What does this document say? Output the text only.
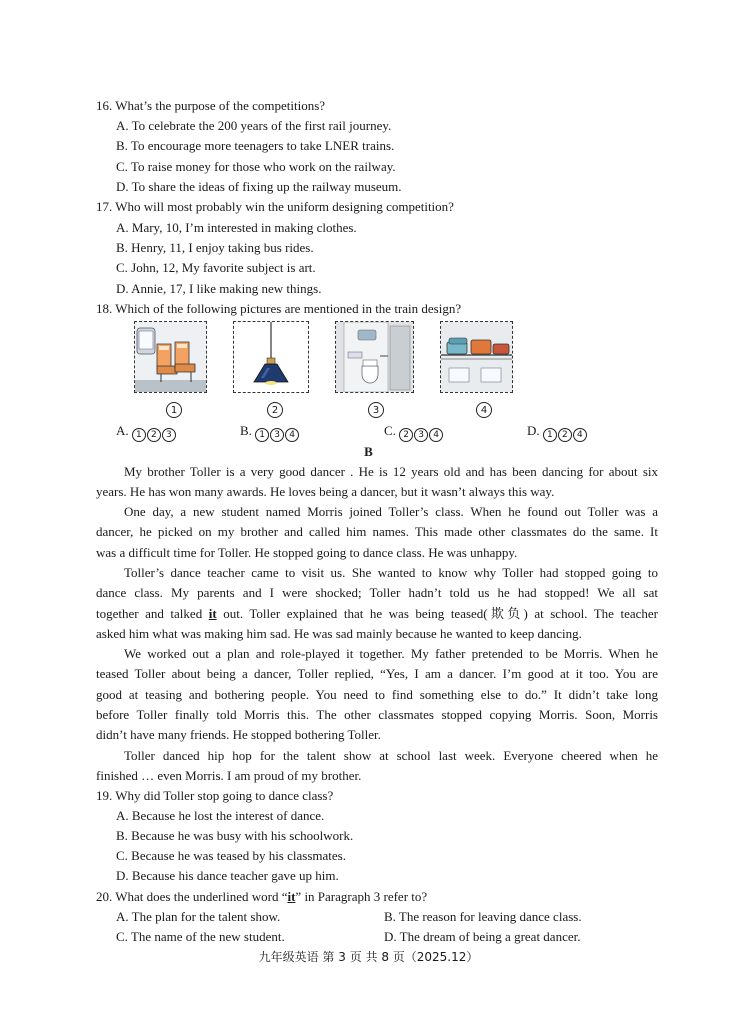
16. What’s the purpose of the competitions?
A. To celebrate the 200 years of the first rail journey.
B. To encourage more teenagers to take LNER trains.
C. To raise money for those who work on the railway.
D. To share the ideas of fixing up the railway museum.
17. Who will most probably win the uniform designing competition?
A. Mary, 10, I’m interested in making clothes.
B. Henry, 11, I enjoy taking bus rides.
C. John, 12, My favorite subject is art.
D. Annie, 17, I like making new things.
18. Which of the following pictures are mentioned in the train design?
1	2	3	4
A. 1 2 3	B. 1 3 4	C. 2 3 4	D. 1 2 4
B
My brother Toller is a very good dancer . He is 12 years old and has been dancing for about six
years. He has won many awards. He loves being a dancer, but it wasn’t always this way.
One day, a new student named Morris joined Toller’s class. When he found out Toller was a
dancer, he picked on my brother and called him names. This made other classmates do the same. It
was a difficult time for Toller. He stopped going to dance class. He was unhappy.
Toller’s dance teacher came to visit us. She wanted to know why Toller had stopped going to
dance class. My parents and I were shocked; Toller hadn’t told us he had stopped! We all sat
together and talked it out. Toller explained that he was being teased(欺负) at school. The teacher
asked him what was making him sad. He was sad mainly because he wanted to keep dancing.
We worked out a plan and role-played it together. My father pretended to be Morris. When he
teased Toller about being a dancer, Toller replied, “Yes, I am a dancer. I’m good at it too. You are
good at teasing and bothering people. You need to find something else to do.” It didn’t take long
before Toller finally told Morris this. The other classmates stopped copying Morris. Soon, Morris
didn’t have many friends. He stopped bothering Toller.
Toller danced hip hop for the talent show at school last week. Everyone cheered when he
finished … even Morris. I am proud of my brother.
19. Why did Toller stop going to dance class?
A. Because he lost the interest of dance.
B. Because he was busy with his schoolwork.
C. Because he was teased by his classmates.
D. Because his dance teacher gave up him.
20. What does the underlined word “it” in Paragraph 3 refer to?
A. The plan for the talent show.	B. The reason for leaving dance class.
C. The name of the new student.	D. The dream of being a great dancer.
九年级英语 第 3 页 共 8 页（2025.12）
